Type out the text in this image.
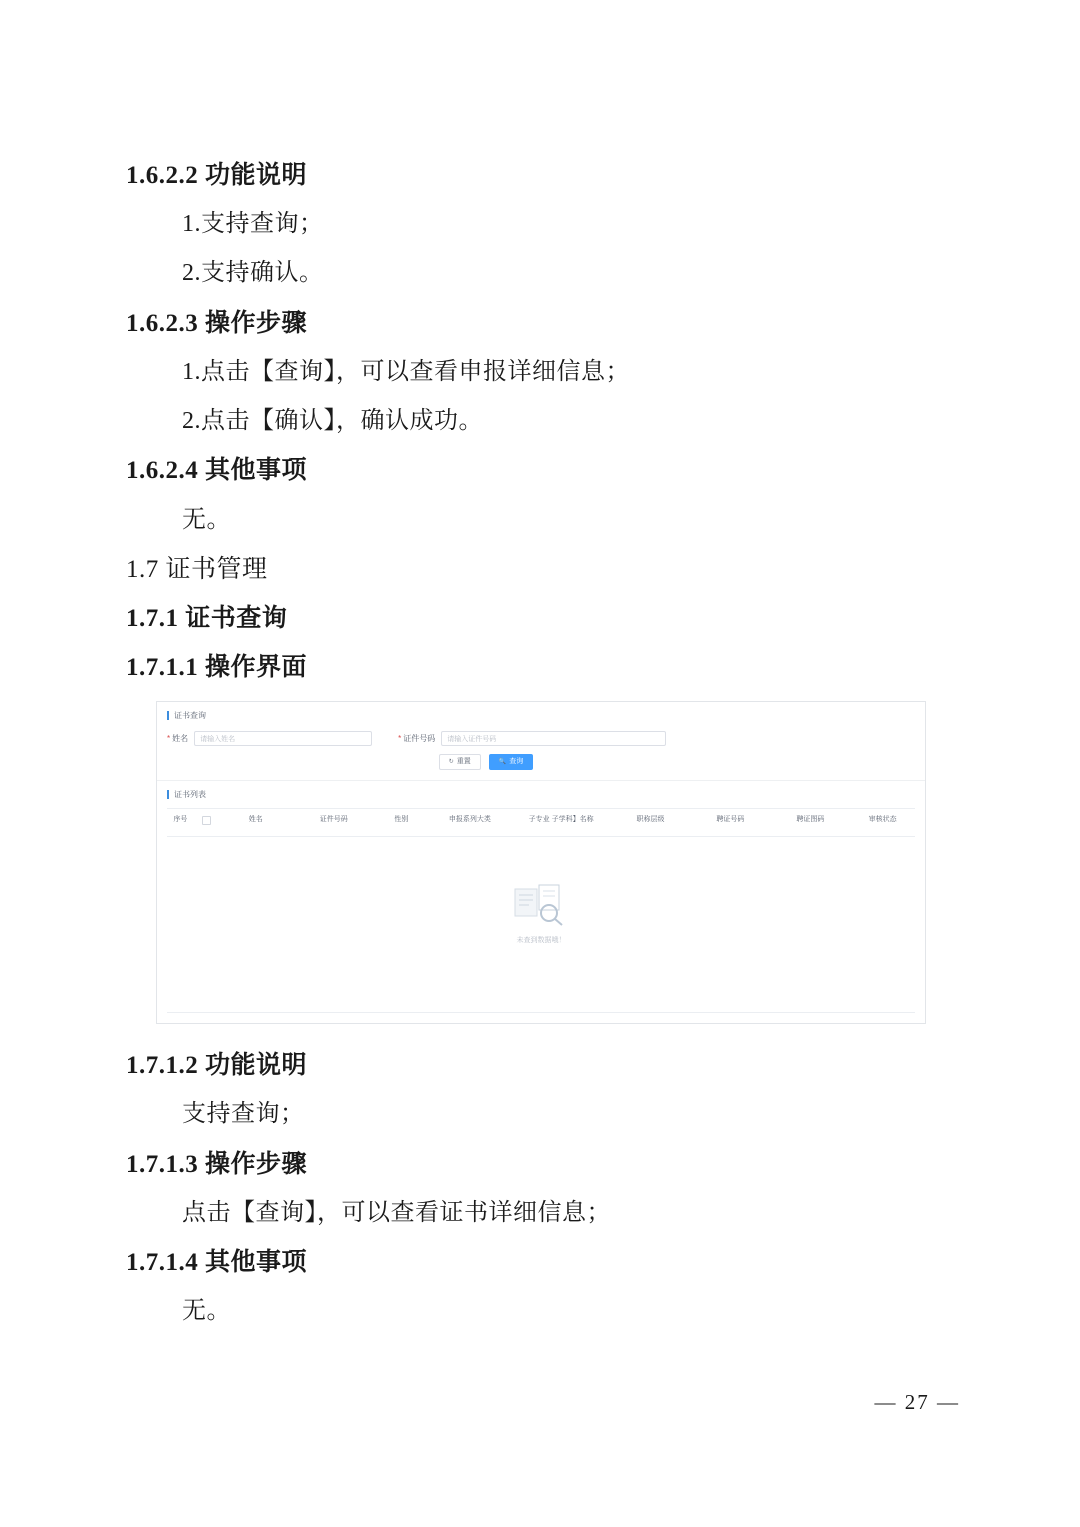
1.6.2.2 功能说明
1.支持查询；
2.支持确认。
1.6.2.3 操作步骤
1.点击【查询】，可以查看申报详细信息；
2.点击【确认】，确认成功。
1.6.2.4 其他事项
无。
1.7 证书管理
1.7.1 证书查询
1.7.1.1 操作界面
证书查询
* 姓名	请输入姓名	* 证件号码	请输入证件号码
↻ 重置	🔍 查询
证书列表
序号	姓名	证件号码	性别	申报系列大类	子专业 子学科】名称	职称层级	聘证号码	聘证图码	审核状态
未查到数据哦！
1.7.1.2 功能说明
支持查询；
1.7.1.3 操作步骤
点击【查询】，可以查看证书详细信息；
1.7.1.4 其他事项
无。
— 27 —
